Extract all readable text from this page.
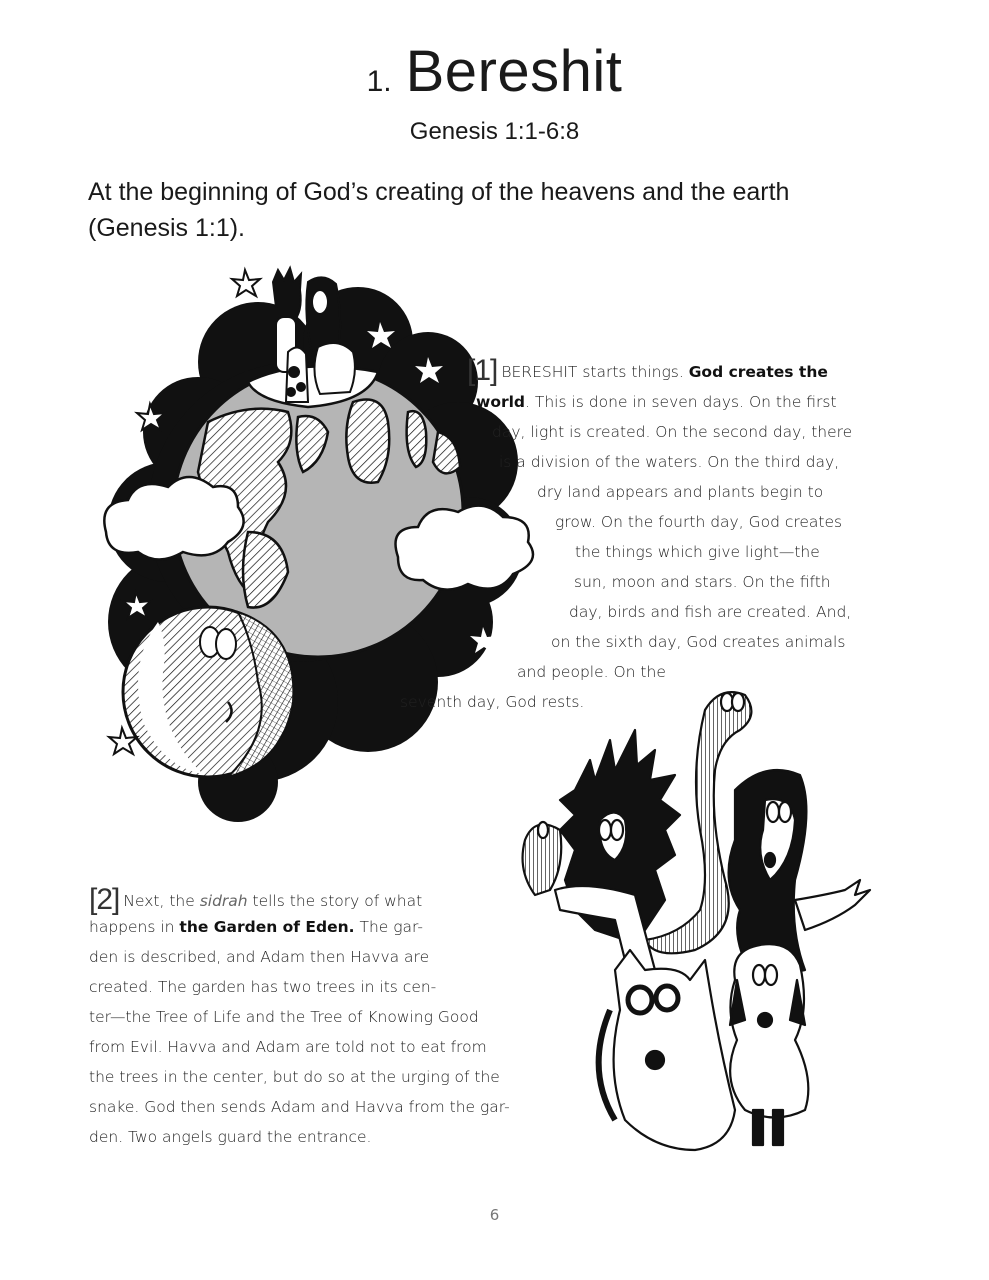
1. Bereshit
Genesis 1:1-6:8
At the beginning of God’s creating of the heavens and the earth (Genesis 1:1).
[1] BERESHIT starts things. God creates the
world. This is done in seven days. On the first
day, light is created. On the second day, there
is a division of the waters. On the third day,
dry land appears and plants begin to
grow. On the fourth day, God creates
the things which give light—the
sun, moon and stars. On the fifth
day, birds and fish are created. And,
on the sixth day, God creates animals
and people. On the
seventh day, God rests.
[2] Next, the sidrah tells the story of what
happens in the Garden of Eden. The gar-
den is described, and Adam then Havva are
created. The garden has two trees in its cen-
ter—the Tree of Life and the Tree of Knowing Good
from Evil. Havva and Adam are told not to eat from
the trees in the center, but do so at the urging of the
snake. God then sends Adam and Havva from the gar-
den. Two angels guard the entrance.
6
